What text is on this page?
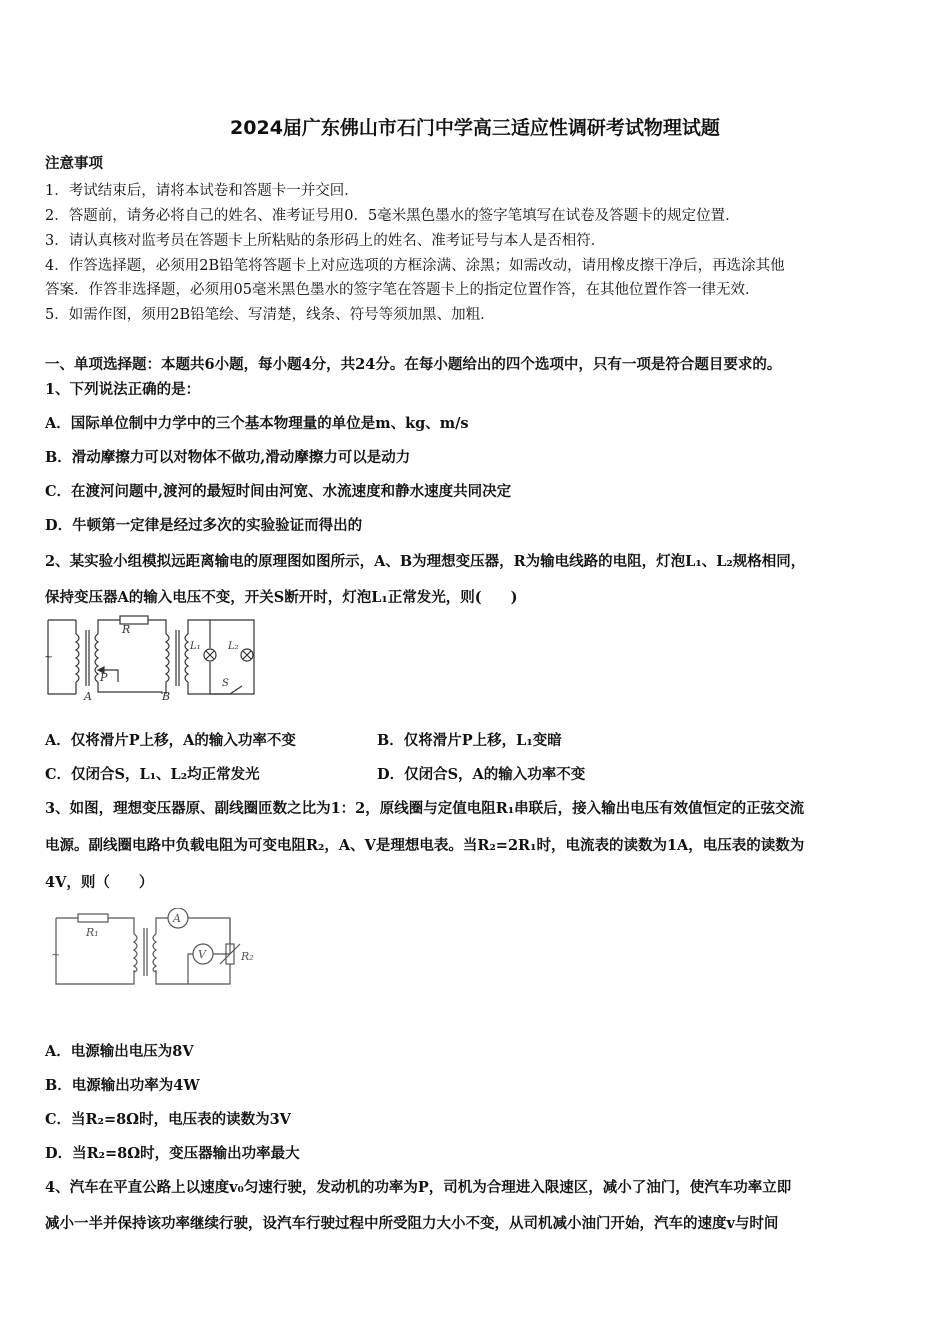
2024届广东佛山市石门中学高三适应性调研考试物理试题
注意事项
1．考试结束后，请将本试卷和答题卡一并交回．
2．答题前，请务必将自己的姓名、准考证号用0．5毫米黑色墨水的签字笔填写在试卷及答题卡的规定位置．
3．请认真核对监考员在答题卡上所粘贴的条形码上的姓名、准考证号与本人是否相符．
4．作答选择题，必须用2B铅笔将答题卡上对应选项的方框涂满、涂黑；如需改动，请用橡皮擦干净后，再选涂其他
答案．作答非选择题，必须用05毫米黑色墨水的签字笔在答题卡上的指定位置作答，在其他位置作答一律无效．
5．如需作图，须用2B铅笔绘、写清楚，线条、符号等须加黑、加粗．
一、单项选择题：本题共6小题，每小题4分，共24分。在每小题给出的四个选项中，只有一项是符合题目要求的。
1、下列说法正确的是：
A．国际单位制中力学中的三个基本物理量的单位是m、kg、m/s
B．滑动摩擦力可以对物体不做功,滑动摩擦力可以是动力
C．在渡河问题中,渡河的最短时间由河宽、水流速度和静水速度共同决定
D．牛顿第一定律是经过多次的实验验证而得出的
2、某实验小组模拟远距离输电的原理图如图所示，A、B为理想变压器，R为输电线路的电阻，灯泡L₁、L₂规格相同，
保持变压器A的输入电压不变，开关S断开时，灯泡L₁正常发光，则(　　)
~
R
P
A	B
L₁	L₂
S
A．仅将滑片P上移，A的输入功率不变	B．仅将滑片P上移，L₁变暗
C．仅闭合S，L₁、L₂均正常发光	D．仅闭合S，A的输入功率不变
3、如图，理想变压器原、副线圈匝数之比为1：2，原线圈与定值电阻R₁串联后，接入输出电压有效值恒定的正弦交流
电源。副线圈电路中负载电阻为可变电阻R₂，A、V是理想电表。当R₂=2R₁时，电流表的读数为1A，电压表的读数为
4V，则（　　）
R₁
~
A
V	R₂
A．电源输出电压为8V
B．电源输出功率为4W
C．当R₂=8Ω时，电压表的读数为3V
D．当R₂=8Ω时，变压器输出功率最大
4、汽车在平直公路上以速度v₀匀速行驶，发动机的功率为P，司机为合理进入限速区，减小了油门，使汽车功率立即
减小一半并保持该功率继续行驶，设汽车行驶过程中所受阻力大小不变，从司机减小油门开始，汽车的速度v与时间
